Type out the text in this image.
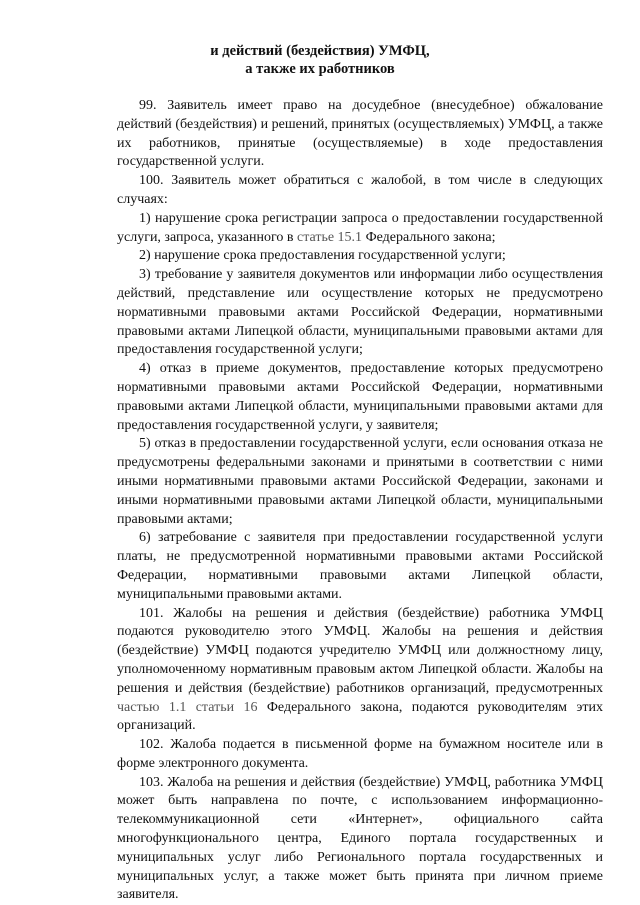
и действий (бездействия) УМФЦ,
а также их работников

99. Заявитель имеет право на досудебное (внесудебное) обжалование действий (бездействия) и решений, принятых (осуществляемых) УМФЦ, а также их работников, принятые (осуществляемые) в ходе предоставления государственной услуги.

100. Заявитель может обратиться с жалобой, в том числе в следующих случаях:

1) нарушение срока регистрации запроса о предоставлении государственной услуги, запроса, указанного в статье 15.1 Федерального закона;

2) нарушение срока предоставления государственной услуги;

3) требование у заявителя документов или информации либо осуществления действий, представление или осуществление которых не предусмотрено нормативными правовыми актами Российской Федерации, нормативными правовыми актами Липецкой области, муниципальными правовыми актами для предоставления государственной услуги;

4) отказ в приеме документов, предоставление которых предусмотрено нормативными правовыми актами Российской Федерации, нормативными правовыми актами Липецкой области, муниципальными правовыми актами для предоставления государственной услуги, у заявителя;

5) отказ в предоставлении государственной услуги, если основания отказа не предусмотрены федеральными законами и принятыми в соответствии с ними иными нормативными правовыми актами Российской Федерации, законами и иными нормативными правовыми актами Липецкой области, муниципальными правовыми актами;

6) затребование с заявителя при предоставлении государственной услуги платы, не предусмотренной нормативными правовыми актами Российской Федерации, нормативными правовыми актами Липецкой области, муниципальными правовыми актами.

101. Жалобы на решения и действия (бездействие) работника УМФЦ подаются руководителю этого УМФЦ. Жалобы на решения и действия (бездействие) УМФЦ подаются учредителю УМФЦ или должностному лицу, уполномоченному нормативным правовым актом Липецкой области. Жалобы на решения и действия (бездействие) работников организаций, предусмотренных частью 1.1 статьи 16 Федерального закона, подаются руководителям этих организаций.

102. Жалоба подается в письменной форме на бумажном носителе или в форме электронного документа.

103. Жалоба на решения и действия (бездействие) УМФЦ, работника УМФЦ может быть направлена по почте, с использованием информационно-телекоммуникационной сети «Интернет», официального сайта многофункционального центра, Единого портала государственных и муниципальных услуг либо Регионального портала государственных и муниципальных услуг, а также может быть принята при личном приеме заявителя.
